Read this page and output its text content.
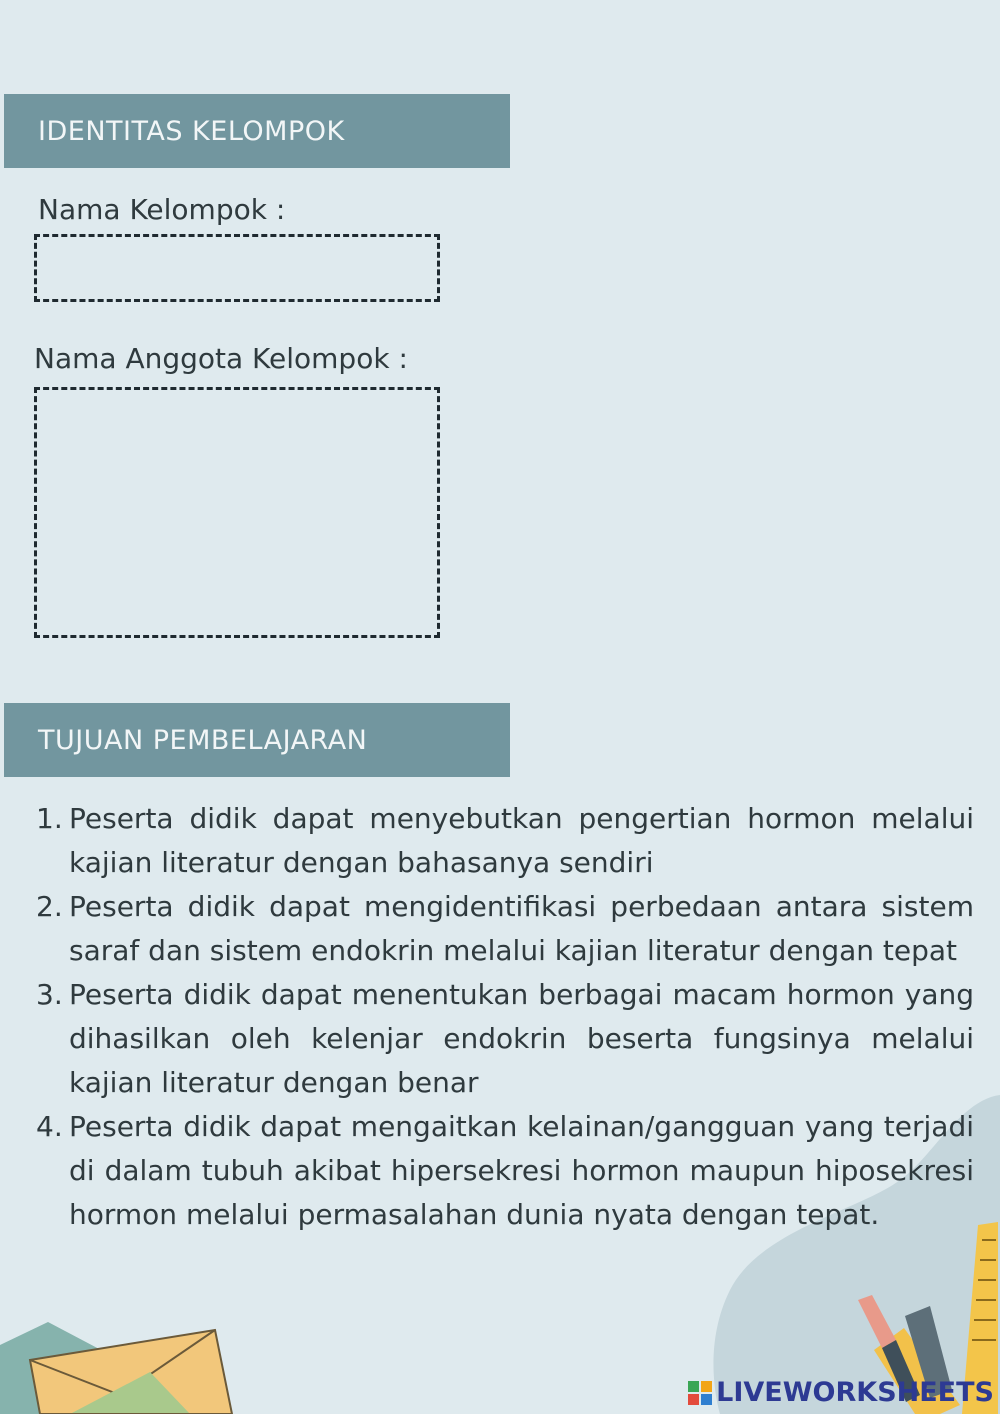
IDENTITAS KELOMPOK
Nama Kelompok :
Nama Anggota Kelompok :
TUJUAN PEMBELAJARAN
1. Peserta didik dapat menyebutkan pengertian hormon melalui kajian literatur dengan bahasanya sendiri
2. Peserta didik dapat mengidentifikasi perbedaan antara sistem saraf dan sistem endokrin melalui kajian literatur dengan tepat
3. Peserta didik dapat menentukan berbagai macam hormon yang dihasilkan oleh kelenjar endokrin beserta fungsinya melalui kajian literatur dengan benar
4. Peserta didik dapat mengaitkan kelainan/gangguan yang terjadi di dalam tubuh akibat hipersekresi hormon maupun hiposekresi hormon melalui permasalahan dunia nyata dengan tepat.
LIVEWORKSHEETS
